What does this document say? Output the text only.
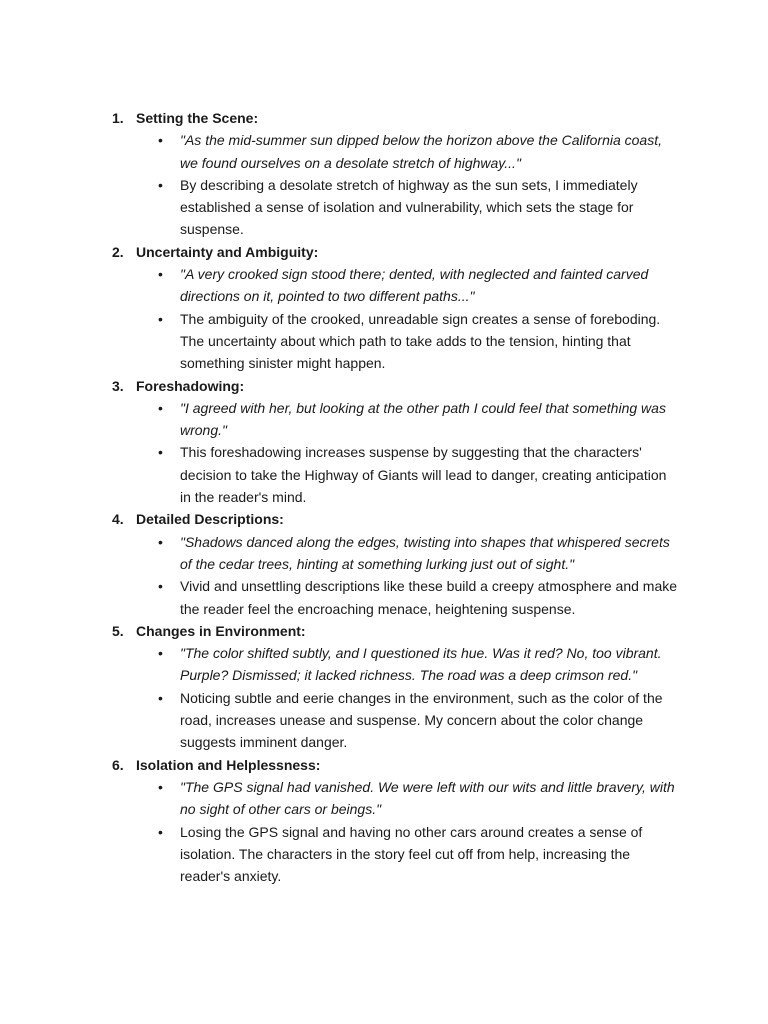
1. Setting the Scene:
•	"As the mid-summer sun dipped below the horizon above the California coast, we found ourselves on a desolate stretch of highway..."
•	By describing a desolate stretch of highway as the sun sets, I immediately established a sense of isolation and vulnerability, which sets the stage for suspense.
2. Uncertainty and Ambiguity:
•	"A very crooked sign stood there; dented, with neglected and fainted carved directions on it, pointed to two different paths..."
•	The ambiguity of the crooked, unreadable sign creates a sense of foreboding. The uncertainty about which path to take adds to the tension, hinting that something sinister might happen.
3. Foreshadowing:
•	"I agreed with her, but looking at the other path I could feel that something was wrong."
•	This foreshadowing increases suspense by suggesting that the characters' decision to take the Highway of Giants will lead to danger, creating anticipation in the reader's mind.
4. Detailed Descriptions:
•	"Shadows danced along the edges, twisting into shapes that whispered secrets of the cedar trees, hinting at something lurking just out of sight."
•	Vivid and unsettling descriptions like these build a creepy atmosphere and make the reader feel the encroaching menace, heightening suspense.
5. Changes in Environment:
•	"The color shifted subtly, and I questioned its hue. Was it red? No, too vibrant. Purple? Dismissed; it lacked richness. The road was a deep crimson red."
•	Noticing subtle and eerie changes in the environment, such as the color of the road, increases unease and suspense. My concern about the color change suggests imminent danger.
6. Isolation and Helplessness:
•	"The GPS signal had vanished. We were left with our wits and little bravery, with no sight of other cars or beings."
•	Losing the GPS signal and having no other cars around creates a sense of isolation. The characters in the story feel cut off from help, increasing the reader's anxiety.
